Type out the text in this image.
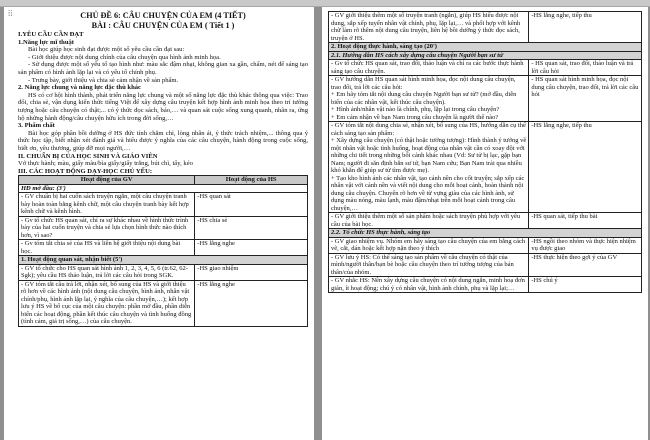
⁞⁞	CHỦ ĐỀ 6: CÂU CHUYỆN CỦA EM (4 TIẾT)
BÀI : CÂU CHUYỆN CỦA EM ( Tiết 1 )
I.YÊU CẦU CẦN ĐẠT
1.Năng lực mĩ thuật
Bài học giúp học sinh đạt được một số yêu cầu cần đạt sau:
- Giới thiệu được nội dung chính của câu chuyện qua hình ảnh minh họa.
- Sử dụng được một số yếu tố tạo hình như: màu sắc đậm nhạt, không gian xa gần, chấm, nét để sáng tạo sản phẩm có hình ảnh lặp lại và có yếu tố chính phụ.
- Trưng bày, giới thiệu và chia sẻ cảm nhận về sản phẩm.
2. Năng lực chung và năng lực đặc thù khác
HS có cơ hội hình thành, phát triển năng lực chung và một số năng lực đặc thù khác thông qua việc: Trao đổi, chia sẻ, vận dụng kiến thức tiếng Việt để xây dựng câu truyện kết hợp hình ảnh minh họa theo trí tưởng tượng hoặc câu chuyện có thật;... có ý thức đọc sách, báo,… và quan sát cuộc sống xung quanh, nhân ra, ứng hộ những hành động/câu chuyện hữu ích trong đời sống,…
3. Phẩm chất
Bài học góp phần bồi dưỡng ở HS đức tính chăm chỉ, lòng nhân ái, ý thức trách nhiệm,... thông qua ý thức học tập, biết nhận xét đánh giá và hiểu được ý nghĩa của các câu chuyện, hành động trong cuộc sống, biết ơn, yêu thương, giúp đỡ mọi người,…
II. CHUẨN BỊ CỦA HỌC SINH VÀ GIÁO VIÊN
Vở thực hành; màu, giấy màu/bìa giấy/giấy trắng, bút chì, tẩy, kéo
III. CÁC HOẠT ĐỘNG DẠY-HỌC CHỦ YẾU:
Hoạt động của GV	Hoạt động của HS
HĐ mở đầu: (3')	
- GV chuẩn bị hai cuốn sách truyện ngắn, một câu chuyện tranh bày hoàn toàn bằng kênh chữ, một câu chuyện tranh bày kết hợp kênh chữ và kênh hình.	-HS quan sát
- Gv tổ chức HS quan sát, chỉ ra sự khác nhau về hình thức trình bày của hai cuốn truyện và chia sẻ lựa chọn hình thức nào thích hơn, vì sao?	-HS chia sẻ
- Gv tóm tắt chia sẻ của HS và liên hệ giới thiệu nội dung bài học.	-HS lắng nghe
1. Hoạt động quan sát, nhận biết (5')	
- GV tổ chức cho HS quan sát hình ảnh 1, 2, 3, 4, 5, 6 (tr.62, 62-Sgk); yêu cầu HS thảo luận, trả lời các câu hỏi trong SGK.	-HS giao nhiệm
- GV tóm tắt câu trả lời, nhận xét, bổ sung của HS và giới thiệu rõ hơn về các hình ảnh (nội dung câu chuyện, hình ảnh, nhân vật chính/phụ, hình ảnh lặp lại, ý nghĩa của câu chuyện,…); kết hợp lưu ý HS về bố cục của một câu chuyện: phần mở đầu, phần diễn biến các hoạt động, phần kết thúc câu chuyện và tình huống đồng (tình cảm, giá trị sống,…) của câu chuyện.	-HS lắng nghe
- GV giới thiệu thêm một số truyện tranh (ngắn), giúp HS hiểu được nội dung, sắp xếp tuyến nhân vật chính, phụ, lặp lại,… và phối hợp với kênh chữ làm rõ thêm nội dung câu truyện, liên hệ bồi dưỡng ý thức đọc sách, truyện ở HS.	-HS lắng nghe, tiếp thu
2. Hoạt động thực hành, sáng tạo (20')	
2.1. Hướng dẫn HS cách xây dựng câu chuyện Người bạn sư tử	
- Gv tổ chức HS quan sát, trao đổi, thảo luận và chỉ ra các bước thực hành sáng tạo câu chuyện.	- HS quan sát, trao đổi, thảo luận và trả lời câu hỏi
- GV hướng dẫn HS quan sát hình minh họa, đọc nội dung câu chuyện, trao đổi, trả lời các câu hỏi:
+ Em hãy tóm tắt nội dung câu chuyện Người bạn sư tử? (mở đầu, diễn biến của các nhân vật, kết thúc câu chuyện).
+ Hình ảnh/nhân vật nào là chính, phụ, lặp lại trong câu chuyện?
+ Em cảm nhận về bạn Nam trong câu chuyện là người thế nào?	- HS quan sát hình minh họa, đọc nội dung câu chuyện, trao đổi, trả lời các câu hỏi
- GV tóm tắt nội dung chia sẻ, nhận xét, bổ sung của HS, hướng dẫn cụ thể cách sáng tạo sản phẩm:
+ Xây dựng câu chuyện (có thật hoặc tưởng tượng): Hình thành ý tưởng về một nhân vật hoặc tình huống, hoạt động của nhân vật cần có xoay đột với những chi tiết trong những bối cảnh khác nhau (Vd: Sư tử bị lạc, gặp bạn Nam; người đi săn định bắn sư tử, bạn Nam cứu; Bạn Nam trải qua nhiều khó khăn để giúp sư tử tìm được mẹ).
+ Tạo kho hình ảnh các nhân vật, tạo cảnh nền cho cốt truyện; sắp xếp các nhân vật với cảnh nền và viết nội dung cho mỗi hoạt cảnh, hoàn thành nội dung câu chuyện. Chuyển rõ hơn về từ vựng giàu của các hình ảnh, sử dụng màu nóng, màu lạnh, màu đậm/nhạt trên mỗi hoạt cảnh trong câu chuyện,…	-HS lắng nghe, tiếp thu
- GV giới thiệu thêm một số sản phẩm hoặc sách truyện phù hợp với yêu cầu của bài học.	-HS quan sát, tiếp thu bài
2.2. Tổ chức HS thực hành, sáng tạo	
- GV giao nhiệm vụ. Nhóm em hãy sáng tạo câu chuyện của em bằng cách vẽ, cắt, dán hoặc kết hợp nặn theo ý thích	-HS ngồi theo nhóm và thực hiện nhiệm vụ được giao
- GV lưu ý HS: Có thể sáng tạo sản phẩm về câu chuyện có thật của mình/người thân/bạn bè hoặc câu chuyện theo trí tưởng tượng của bản thân/của nhóm.	-HS thực hiện theo gợi ý của GV
- GV nhắc HS: Nên xây dựng câu chuyện có nội dung ngắn, minh hoạ đơn giản, ít hoạt động; chú ý có nhân vật, hình ảnh chính, phụ và lặp lại;…	-HS chú ý
